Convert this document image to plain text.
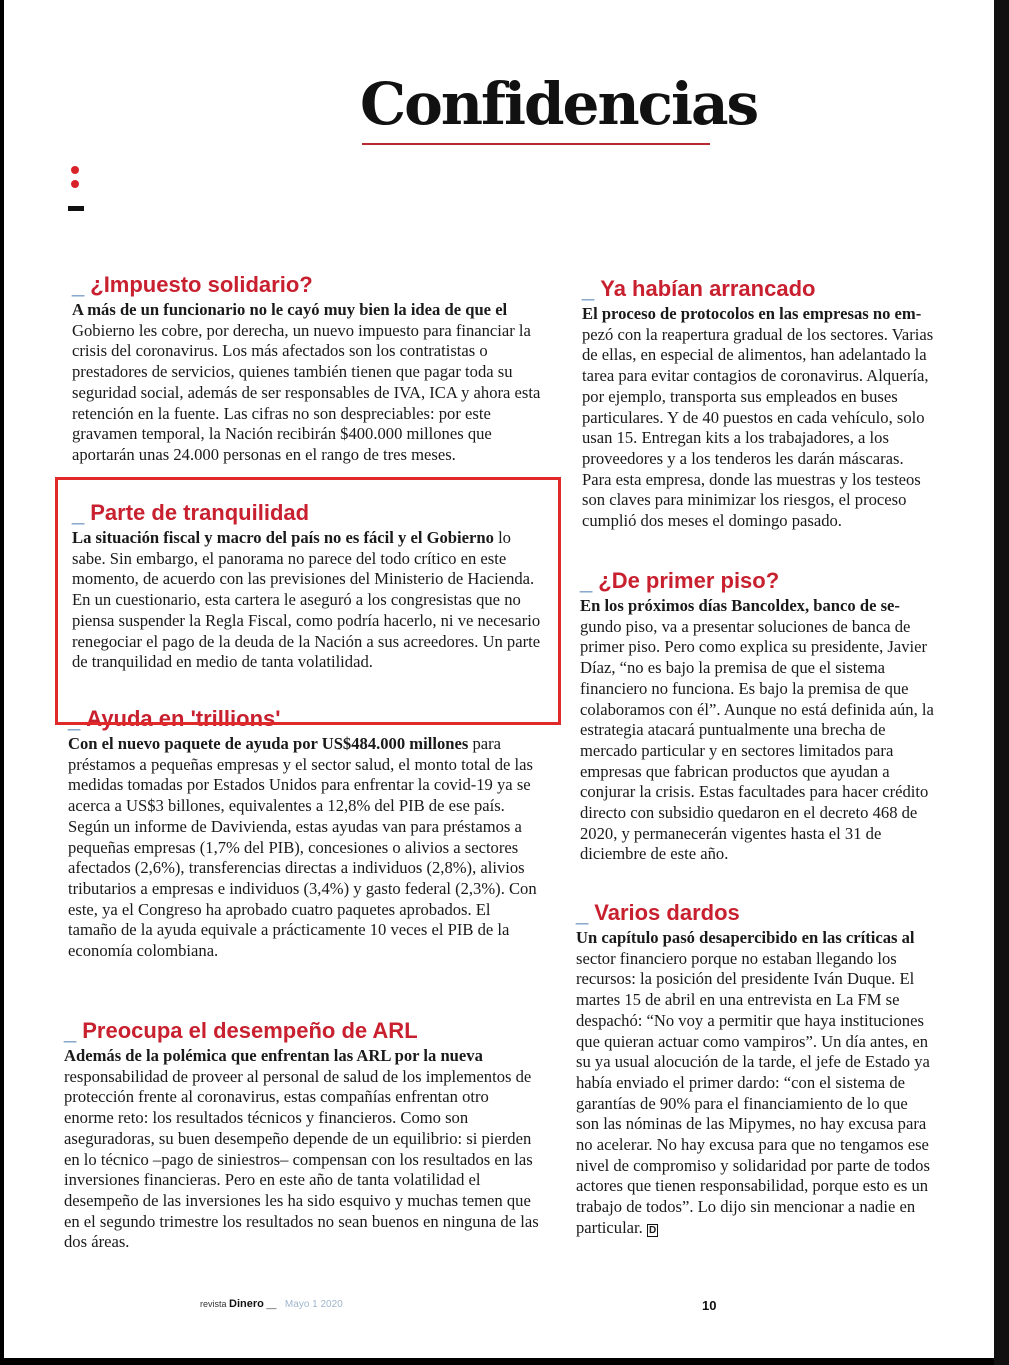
Confidencias
_ ¿Impuesto solidario?

A más de un funcionario no le cayó muy bien la idea de que el Gobierno les cobre, por derecha, un nuevo impuesto para financiar la crisis del coronavirus. Los más afectados son los contratistas o prestadores de servicios, quienes también tienen que pagar toda su seguridad social, además de ser responsables de IVA, ICA y ahora esta retención en la fuente. Las cifras no son despreciables: por este gravamen temporal, la Nación recibirán $400.000 millones que aportarán unas 24.000 personas en el rango de tres meses.

_ Parte de tranquilidad

La situación fiscal y macro del país no es fácil y el Gobierno lo sabe. Sin embargo, el panorama no parece del todo crítico en este momento, de acuerdo con las previsiones del Ministerio de Hacienda. En un cuestionario, esta cartera le aseguró a los congresistas que no piensa suspender la Regla Fiscal, como podría hacerlo, ni ve necesario renegociar el pago de la deuda de la Nación a sus acreedores. Un parte de tranquilidad en medio de tanta volatilidad.

_ Ayuda en 'trillions'

Con el nuevo paquete de ayuda por US$484.000 millones para préstamos a pequeñas empresas y el sector salud, el monto total de las medidas tomadas por Estados Unidos para enfrentar la covid-19 ya se acerca a US$3 billones, equivalentes a 12,8% del PIB de ese país. Según un informe de Davivienda, estas ayudas van para préstamos a pequeñas empresas (1,7% del PIB), concesiones o alivios a sectores afectados (2,6%), transferencias directas a individuos (2,8%), alivios tributarios a empresas e individuos (3,4%) y gasto federal (2,3%). Con este, ya el Congreso ha aprobado cuatro paquetes aprobados. El tamaño de la ayuda equivale a prácticamente 10 veces el PIB de la economía colombiana.

_ Preocupa el desempeño de ARL

Además de la polémica que enfrentan las ARL por la nueva responsabilidad de proveer al personal de salud de los implementos de protección frente al coronavirus, estas compañías enfrentan otro enorme reto: los resultados técnicos y financieros. Como son aseguradoras, su buen desempeño depende de un equilibrio: si pierden en lo técnico –pago de siniestros– compensan con los resultados en las inversiones financieras. Pero en este año de tanta volatilidad el desempeño de las inversiones les ha sido esquivo y muchas temen que en el segundo trimestre los resultados no sean buenos en ninguna de las dos áreas.

_ Ya habían arrancado

El proceso de protocolos en las empresas no em- pezó con la reapertura gradual de los sectores. Varias de ellas, en especial de alimentos, han adelantado la tarea para evitar contagios de coronavirus. Alquería, por ejemplo, transporta sus empleados en buses particulares. Y de 40 puestos en cada vehículo, solo usan 15. Entregan kits a los trabajadores, a los proveedores y a los tenderos les darán máscaras. Para esta empresa, donde las muestras y los testeos son claves para minimizar los riesgos, el proceso cumplió dos meses el domingo pasado.

_ ¿De primer piso?

En los próximos días Bancoldex, banco de se- gundo piso, va a presentar soluciones de banca de primer piso. Pero como explica su presidente, Javier Díaz, “no es bajo la premisa de que el sistema financiero no funciona. Es bajo la premisa de que colaboramos con él”. Aunque no está definida aún, la estrategia atacará puntualmente una brecha de mercado particular y en sectores limitados para empresas que fabrican productos que ayudan a conjurar la crisis. Estas facultades para hacer crédito directo con subsidio quedaron en el decreto 468 de 2020, y permanecerán vigentes hasta el 31 de diciembre de este año.

_ Varios dardos

Un capítulo pasó desapercibido en las críticas al sector financiero porque no estaban llegando los recursos: la posición del presidente Iván Duque. El martes 15 de abril en una entrevista en La FM se despachó: “No voy a permitir que haya instituciones que quieran actuar como vampiros”. Un día antes, en su ya usual alocución de la tarde, el jefe de Estado ya había enviado el primer dardo: “con el sistema de garantías de 90% para el financiamiento de lo que son las nóminas de las Mipymes, no hay excusa para no acelerar. No hay excusa para que no tengamos ese nivel de compromiso y solidaridad por parte de todos actores que tienen responsabilidad, porque esto es un trabajo de todos”. Lo dijo sin mencionar a nadie en particular. D

revista Dinero __ Mayo 1 2020	10
